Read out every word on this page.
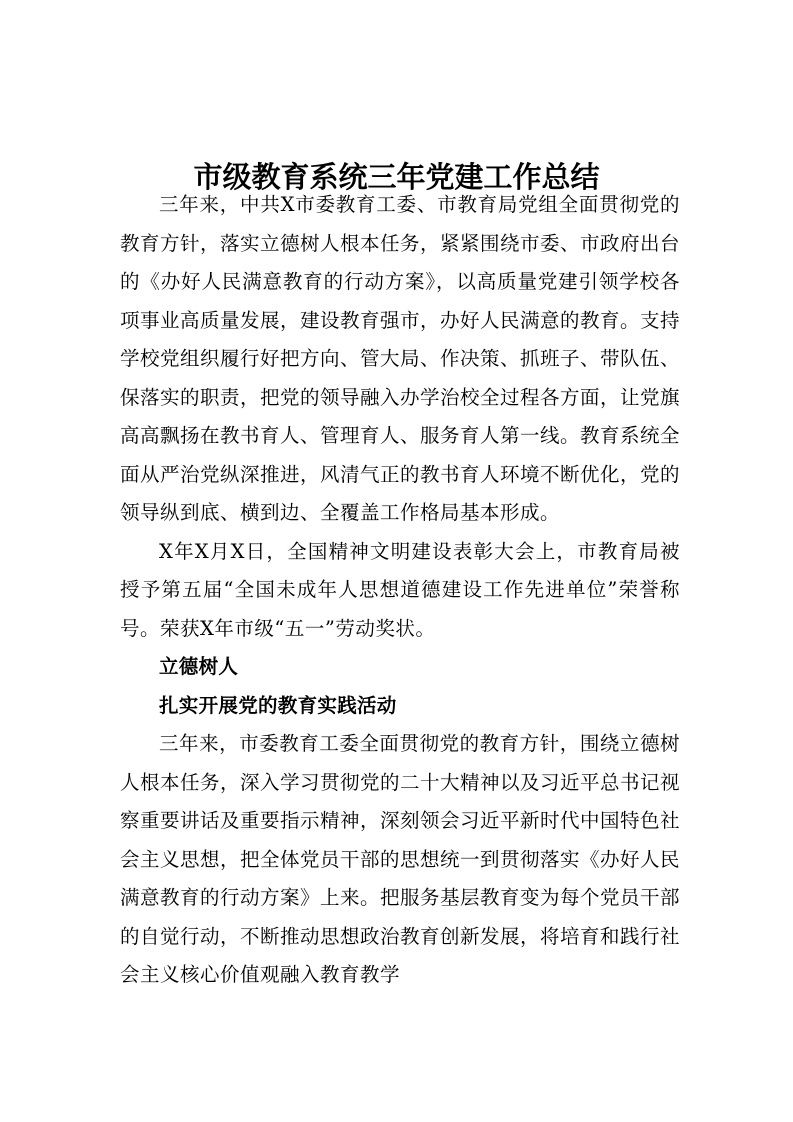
市级教育系统三年党建工作总结

三年来，中共X市委教育工委、市教育局党组全面贯彻党的教育方针，落实立德树人根本任务，紧紧围绕市委、市政府出台的《办好人民满意教育的行动方案》，以高质量党建引领学校各项事业高质量发展，建设教育强市，办好人民满意的教育。支持学校党组织履行好把方向、管大局、作决策、抓班子、带队伍、保落实的职责，把党的领导融入办学治校全过程各方面，让党旗高高飘扬在教书育人、管理育人、服务育人第一线。教育系统全面从严治党纵深推进，风清气正的教书育人环境不断优化，党的领导纵到底、横到边、全覆盖工作格局基本形成。

X年X月X日，全国精神文明建设表彰大会上，市教育局被授予第五届“全国未成年人思想道德建设工作先进单位”荣誉称号。荣获X年市级“五一”劳动奖状。

立德树人

扎实开展党的教育实践活动

三年来，市委教育工委全面贯彻党的教育方针，围绕立德树人根本任务，深入学习贯彻党的二十大精神以及习近平总书记视察重要讲话及重要指示精神，深刻领会习近平新时代中国特色社会主义思想，把全体党员干部的思想统一到贯彻落实《办好人民满意教育的行动方案》上来。把服务基层教育变为每个党员干部的自觉行动，不断推动思想政治教育创新发展，将培育和践行社会主义核心价值观融入教育教学
